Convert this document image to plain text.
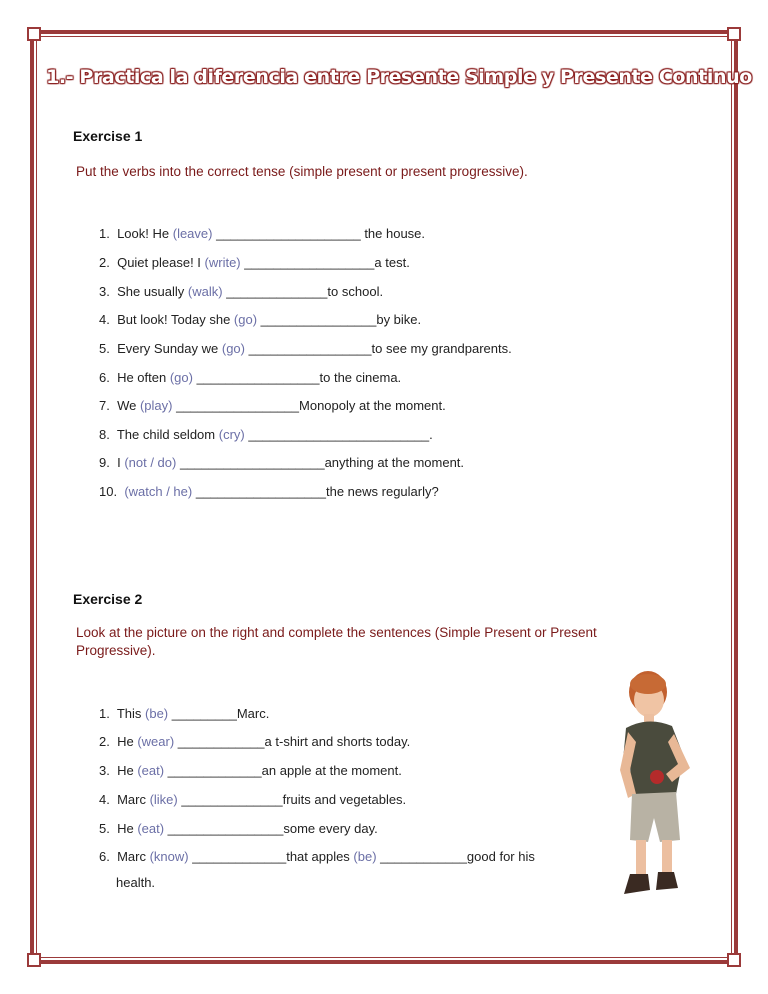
1.- Practica la diferencia entre Presente Simple y Presente Continuo
Exercise 1
Put the verbs into the correct tense (simple present or present progressive).
1. Look! He (leave) ____________________ the house.
2. Quiet please! I (write) __________________a test.
3. She usually (walk) ______________to school.
4. But look! Today she (go) ________________by bike.
5. Every Sunday we (go) _________________to see my grandparents.
6. He often (go) _________________to the cinema.
7. We (play) _________________Monopoly at the moment.
8. The child seldom (cry) _________________________.
9. I (not / do) ____________________anything at the moment.
10. (watch / he) __________________the news regularly?
Exercise 2
Look at the picture on the right and complete the sentences (Simple Present or Present
Progressive).
1. This (be) _________Marc.
2. He (wear) ____________a t-shirt and shorts today.
3. He (eat) _____________an apple at the moment.
4. Marc (like) ______________fruits and vegetables.
5. He (eat) ________________some every day.
6. Marc (know) _____________that apples (be) ____________good for his
health.
